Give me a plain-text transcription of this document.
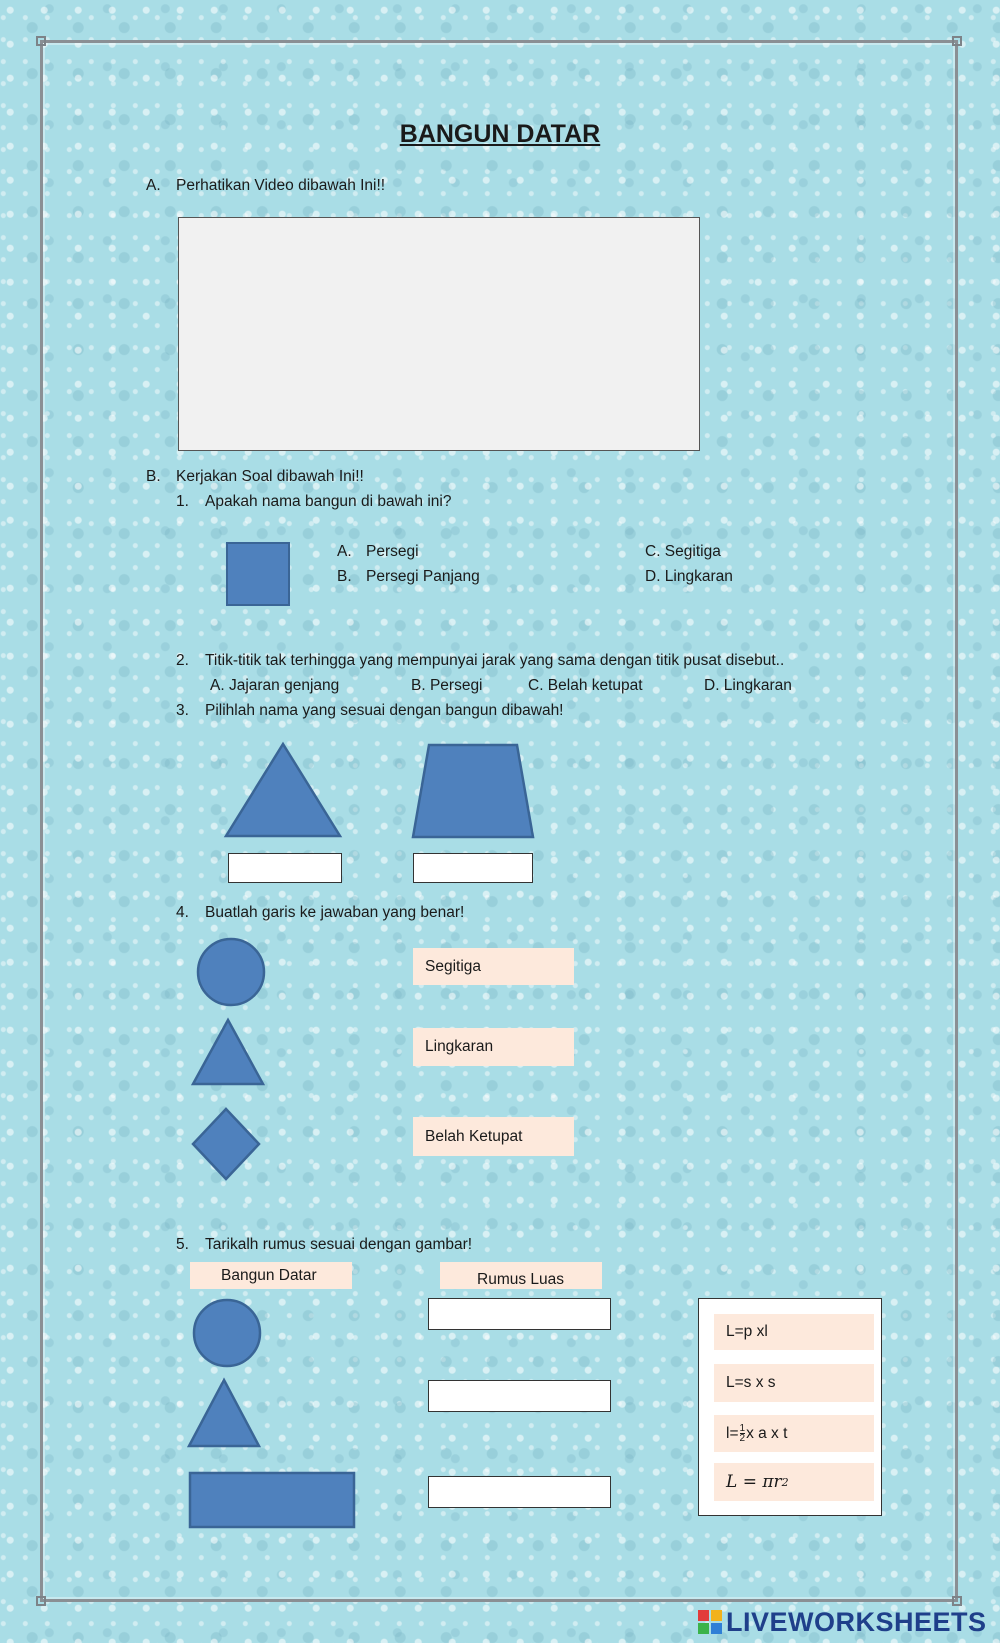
BANGUN DATAR
A. Perhatikan Video dibawah Ini!!
B. Kerjakan Soal dibawah Ini!!
1. Apakah nama bangun di bawah ini?
A. Persegi
B. Persegi Panjang
C. Segitiga
D. Lingkaran
2. Titik-titik tak terhingga yang mempunyai jarak yang sama dengan titik pusat disebut..
A. Jajaran genjang	B. Persegi	C. Belah ketupat	D. Lingkaran
3. Pilihlah nama yang sesuai dengan bangun dibawah!
4. Buatlah garis ke jawaban yang benar!
Segitiga
Lingkaran
Belah Ketupat
5. Tarikalh rumus sesuai dengan gambar!
Bangun Datar	Rumus Luas
L=p xl
L=s x s
$l= \frac{1}{2}$ x a x t
L = πr 2
LIVEWORKSHEETS
